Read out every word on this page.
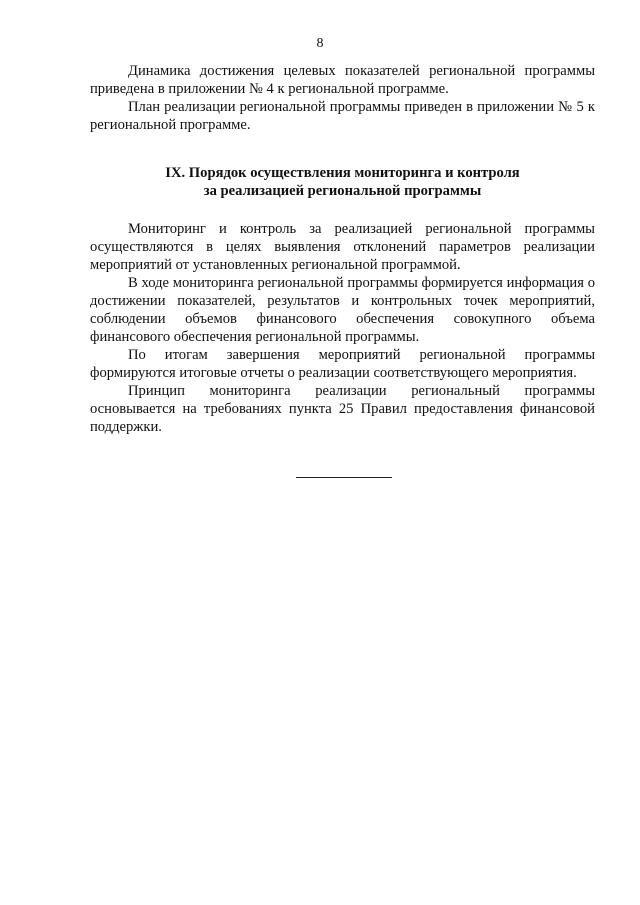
8

Динамика достижения целевых показателей региональной программы приведена в приложении № 4 к региональной программе.

План реализации региональной программы приведен в приложении № 5 к региональной программе.

IX. Порядок осуществления мониторинга и контроля
за реализацией региональной программы

Мониторинг и контроль за реализацией региональной программы осуществляются в целях выявления отклонений параметров реализации мероприятий от установленных региональной программой.

В ходе мониторинга региональной программы формируется информация о достижении показателей, результатов и контрольных точек мероприятий, соблюдении объемов финансового обеспечения совокупного объема финансового обеспечения региональной программы.

По итогам завершения мероприятий региональной программы формируются итоговые отчеты о реализации соответствующего мероприятия.

Принцип мониторинга реализации региональный программы основывается на требованиях пункта 25 Правил предоставления финансовой поддержки.
